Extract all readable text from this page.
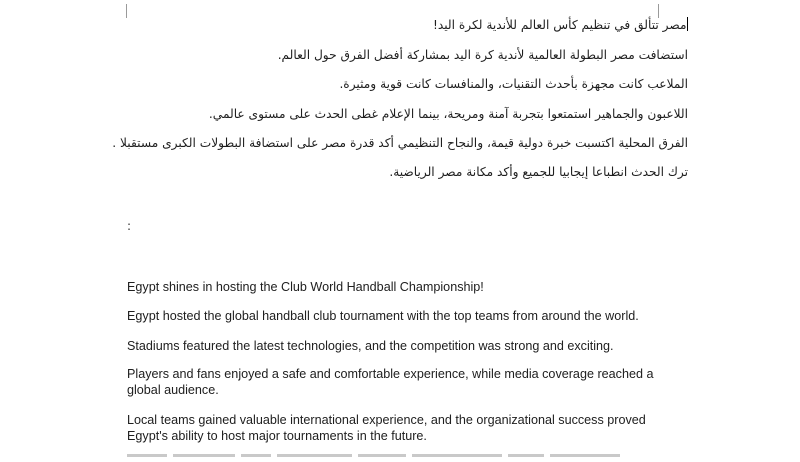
مصر تتألق في تنظيم كأس العالم للأندية لكرة اليد!
استضافت مصر البطولة العالمية لأندية كرة اليد بمشاركة أفضل الفرق حول العالم.
الملاعب كانت مجهزة بأحدث التقنيات، والمنافسات كانت قوية ومثيرة.
اللاعبون والجماهير استمتعوا بتجربة آمنة ومريحة، بينما الإعلام غطى الحدث على مستوى عالمي.
الفرق المحلية اكتسبت خبرة دولية قيمة، والنجاح التنظيمي أكد قدرة مصر على استضافة البطولات الكبرى مستقبلا .
ترك الحدث انطباعا إيجابيا للجميع وأكد مكانة مصر الرياضية.
:
Egypt shines in hosting the Club World Handball Championship!
Egypt hosted the global handball club tournament with the top teams from around the world.
Stadiums featured the latest technologies, and the competition was strong and exciting.
Players and fans enjoyed a safe and comfortable experience, while media coverage reached a global audience.
Local teams gained valuable international experience, and the organizational success proved Egypt's ability to host major tournaments in the future.
